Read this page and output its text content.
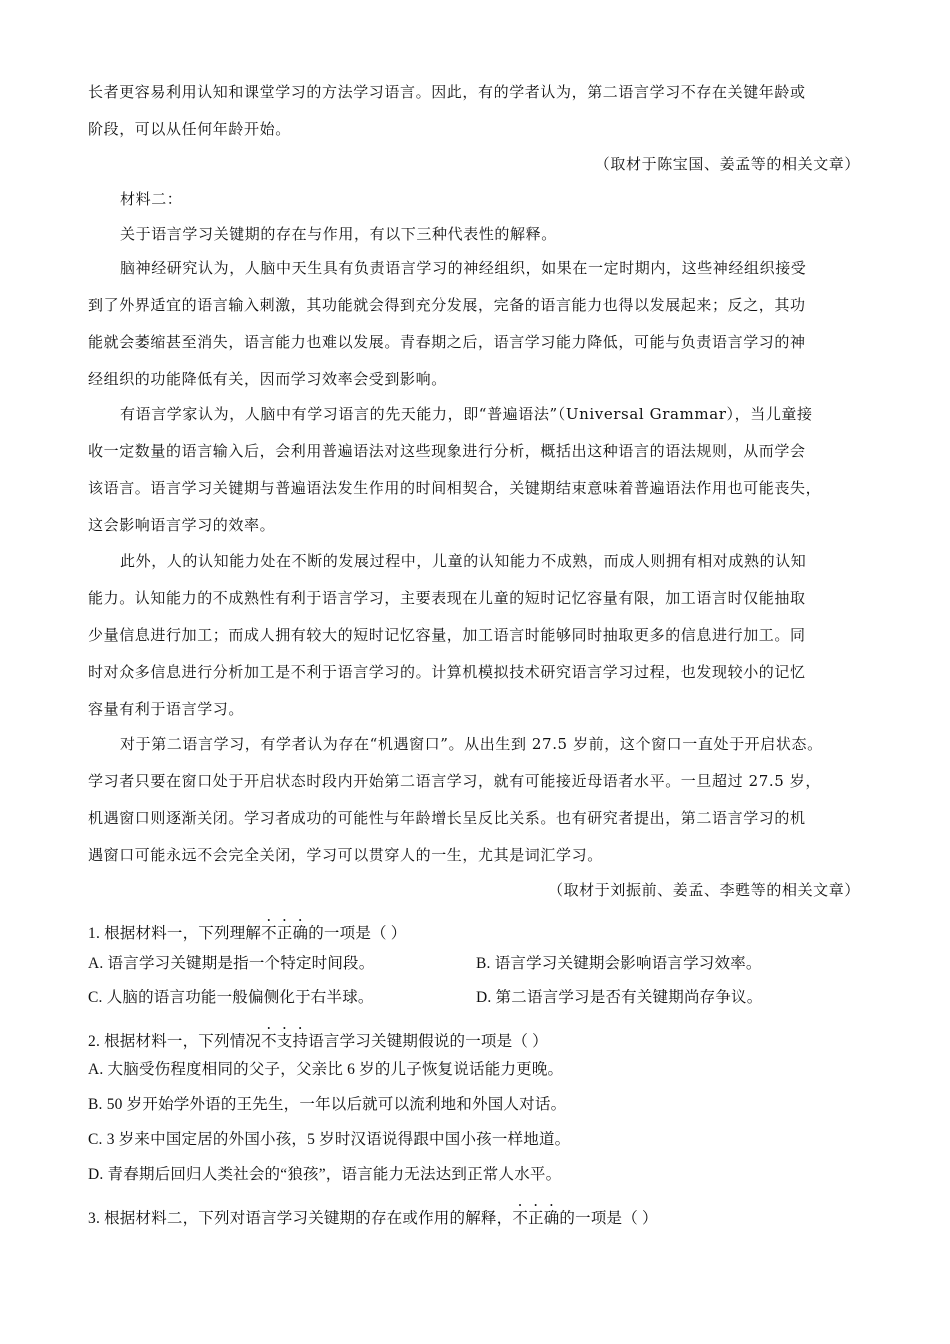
长者更容易利用认知和课堂学习的方法学习语言。因此，有的学者认为，第二语言学习不存在关键年龄或
阶段，可以从任何年龄开始。
（取材于陈宝国、姜孟等的相关文章）
材料二：
关于语言学习关键期的存在与作用，有以下三种代表性的解释。
脑神经研究认为，人脑中天生具有负责语言学习的神经组织，如果在一定时期内，这些神经组织接受
到了外界适宜的语言输入刺激，其功能就会得到充分发展，完备的语言能力也得以发展起来；反之，其功
能就会萎缩甚至消失，语言能力也难以发展。青春期之后，语言学习能力降低，可能与负责语言学习的神
经组织的功能降低有关，因而学习效率会受到影响。
有语言学家认为，人脑中有学习语言的先天能力，即“普遍语法”（Universal Grammar），当儿童接
收一定数量的语言输入后，会利用普遍语法对这些现象进行分析，概括出这种语言的语法规则，从而学会
该语言。语言学习关键期与普遍语法发生作用的时间相契合，关键期结束意味着普遍语法作用也可能丧失，
这会影响语言学习的效率。
此外，人的认知能力处在不断的发展过程中，儿童的认知能力不成熟，而成人则拥有相对成熟的认知
能力。认知能力的不成熟性有利于语言学习，主要表现在儿童的短时记忆容量有限，加工语言时仅能抽取
少量信息进行加工；而成人拥有较大的短时记忆容量，加工语言时能够同时抽取更多的信息进行加工。同
时对众多信息进行分析加工是不利于语言学习的。计算机模拟技术研究语言学习过程，也发现较小的记忆
容量有利于语言学习。
对于第二语言学习，有学者认为存在“机遇窗口”。从出生到 27.5 岁前，这个窗口一直处于开启状态。
学习者只要在窗口处于开启状态时段内开始第二语言学习，就有可能接近母语者水平。一旦超过 27.5 岁，
机遇窗口则逐渐关闭。学习者成功的可能性与年龄增长呈反比关系。也有研究者提出，第二语言学习的机
遇窗口可能永远不会完全关闭，学习可以贯穿人的一生，尤其是词汇学习。
（取材于刘振前、姜孟、李甦等的相关文章）
1. 根据材料一，下列理解不正确的一项是（ ）
A. 语言学习关键期是指一个特定时间段。	B. 语言学习关键期会影响语言学习效率。
C. 人脑的语言功能一般偏侧化于右半球。	D. 第二语言学习是否有关键期尚存争议。
2. 根据材料一，下列情况不支持语言学习关键期假说的一项是（ ）
A. 大脑受伤程度相同的父子，父亲比 6 岁的儿子恢复说话能力更晚。
B. 50 岁开始学外语的王先生，一年以后就可以流利地和外国人对话。
C. 3 岁来中国定居的外国小孩，5 岁时汉语说得跟中国小孩一样地道。
D. 青春期后回归人类社会的“狼孩”，语言能力无法达到正常人水平。
3. 根据材料二，下列对语言学习关键期的存在或作用的解释，不正确的一项是（ ）
